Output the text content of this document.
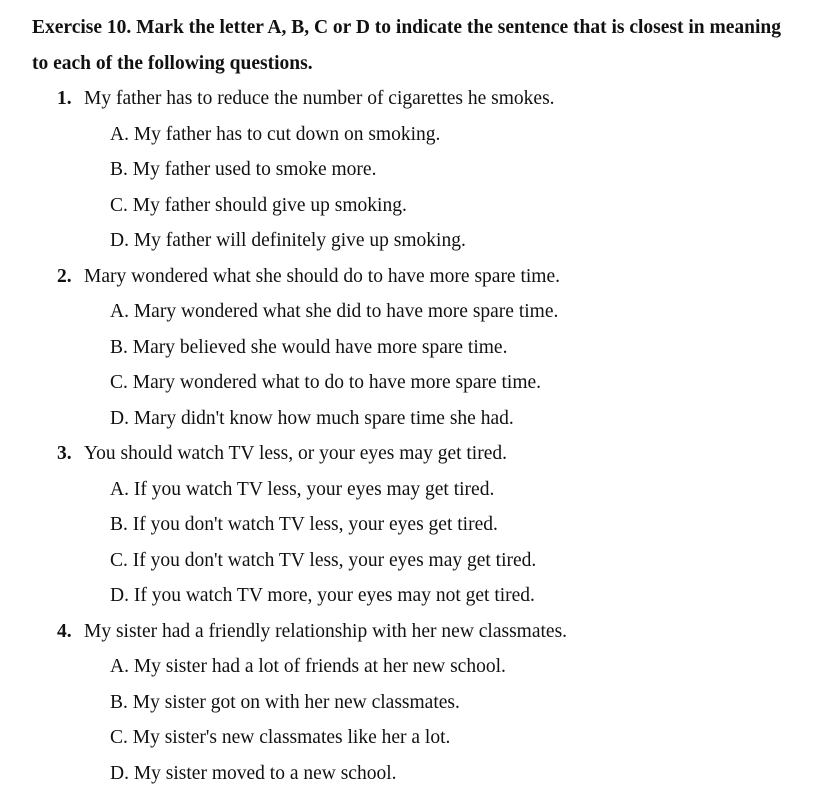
Exercise 10. Mark the letter A, B, C or D to indicate the sentence that is closest in meaning
to each of the following questions.
1. My father has to reduce the number of cigarettes he smokes.
A. My father has to cut down on smoking.
B. My father used to smoke more.
C. My father should give up smoking.
D. My father will definitely give up smoking.
2. Mary wondered what she should do to have more spare time.
A. Mary wondered what she did to have more spare time.
B. Mary believed she would have more spare time.
C. Mary wondered what to do to have more spare time.
D. Mary didn't know how much spare time she had.
3. You should watch TV less, or your eyes may get tired.
A. If you watch TV less, your eyes may get tired.
B. If you don't watch TV less, your eyes get tired.
C. If you don't watch TV less, your eyes may get tired.
D. If you watch TV more, your eyes may not get tired.
4. My sister had a friendly relationship with her new classmates.
A. My sister had a lot of friends at her new school.
B. My sister got on with her new classmates.
C. My sister's new classmates like her a lot.
D. My sister moved to a new school.
